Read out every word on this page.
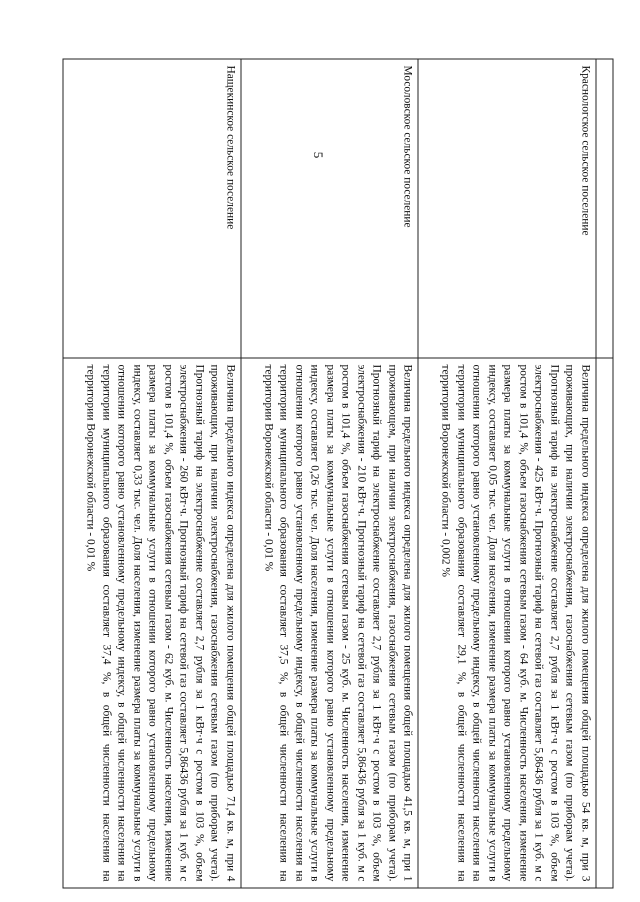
5
		Краснологское сельское поселение	Величина предельного индекса определена для жилого помещения общей площадью 54 кв. м, при 3 проживающих, при наличии электроснабжения, газоснабжения сетевым газом (по приборам учета). Прогнозный тариф на электроснабжение составляет 2,7 рубля за 1 кВт·ч с ростом в 103 %, объем электроснабжения - 425 кВт·ч. Прогнозный тариф на сетевой газ составляет 5,86436 рубля за 1 куб. м с ростом в 101,4 %, объем газоснабжения сетевым газом - 64 куб. м. Численность населения, изменение размера платы за коммунальные услуги в отношении которого равно установленному предельному индексу, составляет 0,05 тыс. чел. Доля населения, изменение размера платы за коммунальные услуги в отношении которого равно установленному предельному индексу, в общей численности населения на территории муниципального образования составляет 29,1 %, в общей численности населения на территории Воронежской области - 0,002 %
Мосоловское сельское поселение	Величина предельного индекса определена для жилого помещения общей площадью 41,5 кв. м, при 1 проживающем, при наличии электроснабжения, газоснабжения сетевым газом (по приборам учета). Прогнозный тариф на электроснабжение составляет 2,7 рубля за 1 кВт·ч с ростом в 103 %, объем электроснабжения - 210 кВт·ч. Прогнозный тариф на сетевой газ составляет 5,86436 рубля за 1 куб. м с ростом в 101,4 %, объем газоснабжения сетевым газом - 25 куб. м. Численность населения, изменение размера платы за коммунальные услуги в отношении которого равно установленному предельному индексу, составляет 0,26 тыс. чел. Доля населения, изменение размера платы за коммунальные услуги в отношении которого равно установленному предельному индексу, в общей численности населения на территории муниципального образования составляет 37,5 %, в общей численности населения на территории Воронежской области - 0,01 %
Нащекинское сельское поселение	Величина предельного индекса определена для жилого помещения общей площадью 71,4 кв. м, при 4 проживающих, при наличии электроснабжения, газоснабжения сетевым газом (по приборам учета). Прогнозный тариф на электроснабжение составляет 2,7 рубля за 1 кВт·ч с ростом в 103 %, объем электроснабжения - 260 кВт·ч. Прогнозный тариф на сетевой газ составляет 5,86436 рубля за 1 куб. м с ростом в 101,4 %, объем газоснабжения сетевым газом - 62 куб. м. Численность населения, изменение размера платы за коммунальные услуги в отношении которого равно установленному предельному индексу, составляет 0,33 тыс. чел. Доля населения, изменение размера платы за коммунальные услуги в отношении которого равно установленному предельному индексу, в общей численности населения на территории муниципального образования составляет 37,4 %, в общей численности населения на территории Воронежской области - 0,01 %
